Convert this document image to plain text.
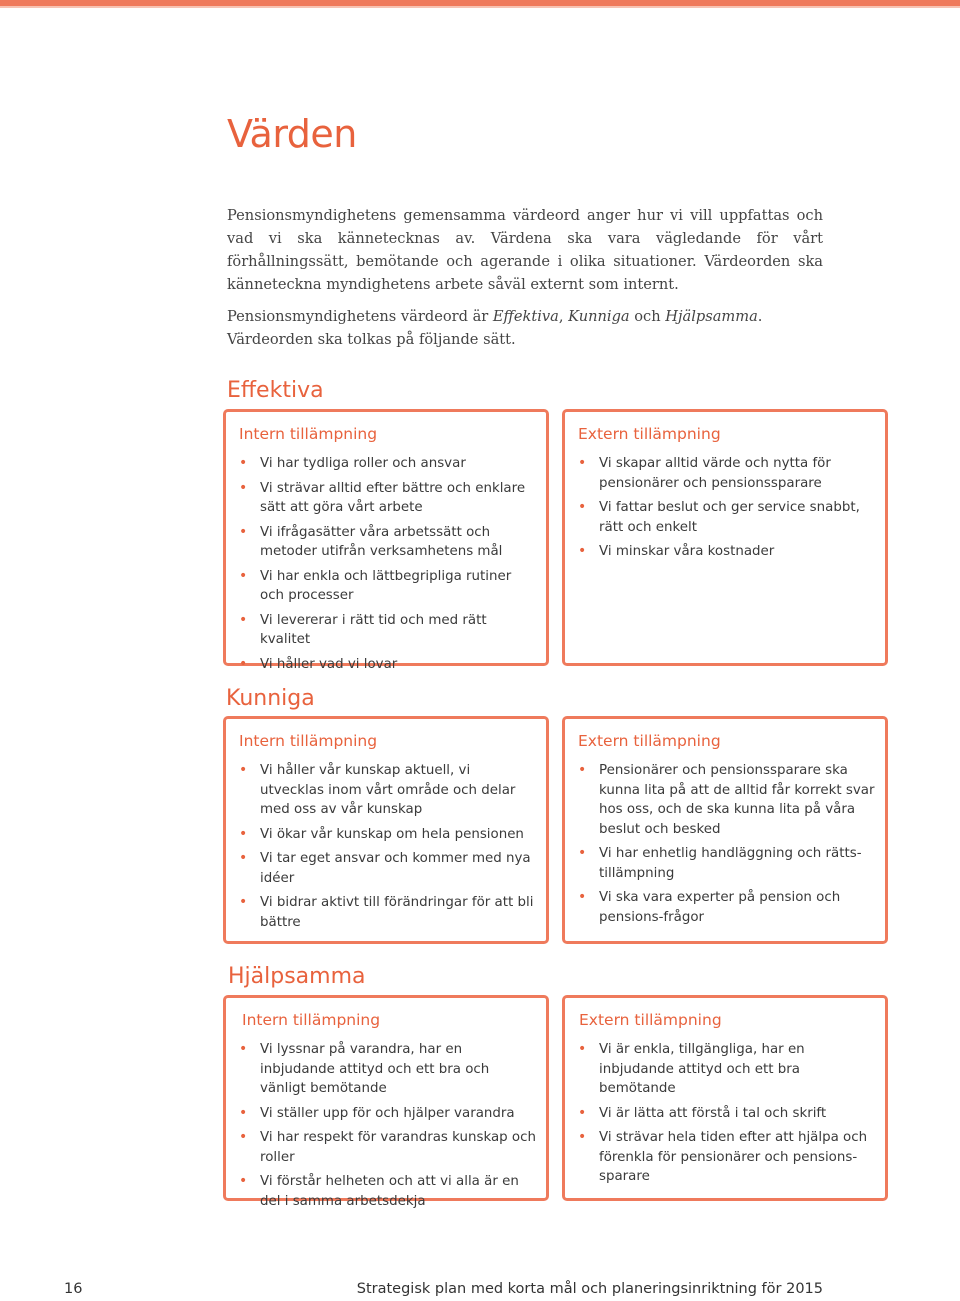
Värden

Pensionsmyndighetens gemensamma värdeord anger hur vi vill uppfattas och vad vi ska kännetecknas av. Värdena ska vara vägledande för vårt förhållningssätt, bemötande och agerande i olika situationer. Värdeorden ska känneteckna myndighetens arbete såväl externt som internt.

Pensionsmyndighetens värdeord är Effektiva, Kunniga och Hjälpsamma. Värdeorden ska tolkas på följande sätt.

Effektiva
Intern tillämpning
• Vi har tydliga roller och ansvar
• Vi strävar alltid efter bättre och enklare sätt att göra vårt arbete
• Vi ifrågasätter våra arbetssätt och metoder utifrån verksamhetens mål
• Vi har enkla och lättbegripliga rutiner och processer
• Vi levererar i rätt tid och med rätt kvalitet
• Vi håller vad vi lovar
Extern tillämpning
• Vi skapar alltid värde och nytta för pensionärer och pensionssparare
• Vi fattar beslut och ger service snabbt, rätt och enkelt
• Vi minskar våra kostnader
Kunniga
Intern tillämpning
• Vi håller vår kunskap aktuell, vi utvecklas inom vårt område och delar med oss av vår kunskap
• Vi ökar vår kunskap om hela pensionen
• Vi tar eget ansvar och kommer med nya idéer
• Vi bidrar aktivt till förändringar för att bli bättre
Extern tillämpning
• Pensionärer och pensionssparare ska kunna lita på att de alltid får korrekt svar hos oss, och de ska kunna lita på våra beslut och besked
• Vi har enhetlig handläggning och rätts-tillämpning
• Vi ska vara experter på pension och pensions-frågor
Hjälpsamma
Intern tillämpning
• Vi lyssnar på varandra, har en inbjudande attityd och ett bra och vänligt bemötande
• Vi ställer upp för och hjälper varandra
• Vi har respekt för varandras kunskap och roller
• Vi förstår helheten och att vi alla är en del i samma arbetsdekja
Extern tillämpning
• Vi är enkla, tillgängliga, har en inbjudande attityd och ett bra bemötande
• Vi är lätta att förstå i tal och skrift
• Vi strävar hela tiden efter att hjälpa och förenkla för pensionärer och pensions-sparare
16	Strategisk plan med korta mål och planeringsinriktning för 2015
